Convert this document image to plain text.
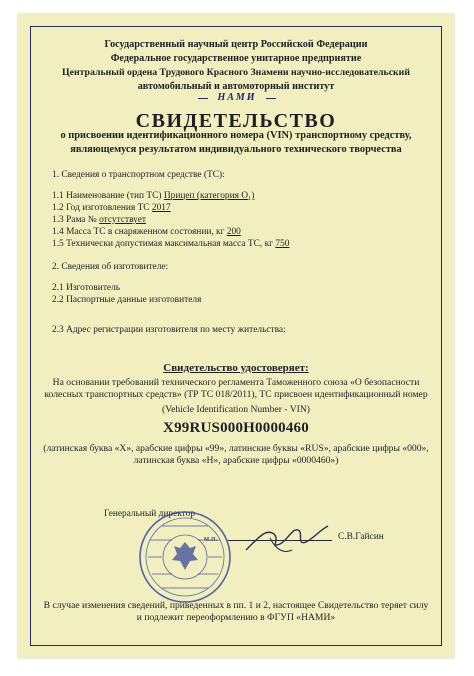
Государственный научный центр Российской Федерации
Федеральное государственное унитарное предприятие
Центральный ордена Трудового Красного Знамени научно-исследовательский
автомобильный и автомоторный институт
НАМИ
СВИДЕТЕЛЬСТВО
о присвоении идентификационного номера (VIN) транспортному средству,
являющемуся результатом индивидуального технического творчества
1. Сведения о транспортном средстве (ТС):
1.1 Наименование (тип ТС) Прицеп (категория O₁)
1.2 Год изготовления ТС 2017
1.3 Рама № отсутствует
1.4 Масса ТС в снаряженном состоянии, кг 200
1.5 Технически допустимая максимальная масса ТС, кг 750
2. Сведения об изготовителе:
2.1 Изготовитель
2.2 Паспортные данные изготовителя
2.3 Адрес регистрации изготовителя по месту жительства:
Свидетельство удостоверяет:
На основании требований технического регламента Таможенного союза «О безопасности
колесных транспортных средств» (ТР ТС 018/2011), ТС присвоен идентификационный номер
(Vehicle Identification Number - VIN)
X99RUS000H0000460
(латинская буква «X», арабские цифры «99», латинские буквы «RUS», арабские цифры «000»,
латинская буква «H», арабские цифры «0000460»)
Генеральный директор
м.п.	С.В.Гайсин
В случае изменения сведений, приведенных в пп. 1 и 2, настоящее Свидетельство теряет силу
и подлежит переоформлению в ФГУП «НАМИ»
